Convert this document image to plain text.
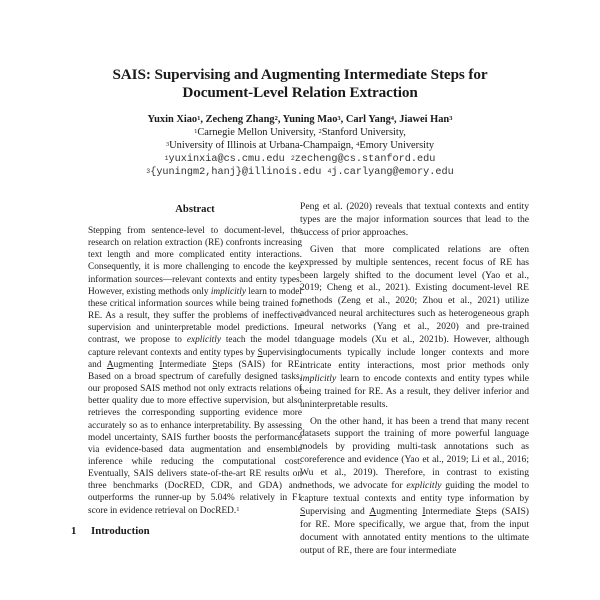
SAIS: Supervising and Augmenting Intermediate Steps for
Document-Level Relation Extraction
Yuxin Xiao$^1$, Zecheng Zhang$^2$, Yuning Mao$^3$, Carl Yang$^4$, Jiawei Han$^3$
$^1$Carnegie Mellon University, $^2$Stanford University,
$^3$University of Illinois at Urbana-Champaign, $^4$Emory University
$^1$yuxinxia@cs.cmu.edu $^2$zecheng@cs.stanford.edu
$^3${yuningm2,hanj}@illinois.edu $^4$j.carlyang@emory.edu
Abstract

Stepping from sentence-level to document-level, the research on relation extraction (RE) confronts increasing text length and more complicated entity interactions. Consequently, it is more challenging to encode the key information sources—relevant contexts and entity types. However, existing methods only implicitly learn to model these critical information sources while being trained for RE. As a result, they suffer the problems of ineffective supervision and uninterpretable model predictions. In contrast, we propose to explicitly teach the model to capture relevant contexts and entity types by Supervising and Augmenting Intermediate Steps (SAIS) for RE. Based on a broad spectrum of carefully designed tasks, our proposed SAIS method not only extracts relations of better quality due to more effective supervision, but also retrieves the corresponding supporting evidence more accurately so as to enhance interpretability. By assessing model uncertainty, SAIS further boosts the performance via evidence-based data augmentation and ensemble inference while reducing the computational cost. Eventually, SAIS delivers state-of-the-art RE results on three benchmarks (DocRED, CDR, and GDA) and outperforms the runner-up by 5.04% relatively in F1 score in evidence retrieval on DocRED.$^1$

1 Introduction

Peng et al. (2020) reveals that textual contexts and entity types are the major information sources that lead to the success of prior approaches.

Given that more complicated relations are often expressed by multiple sentences, recent focus of RE has been largely shifted to the document level (Yao et al., 2019; Cheng et al., 2021). Existing document-level RE methods (Zeng et al., 2020; Zhou et al., 2021) utilize advanced neural architectures such as heterogeneous graph neural networks (Yang et al., 2020) and pre-trained language models (Xu et al., 2021b). However, although documents typically include longer contexts and more intricate entity interactions, most prior methods only implicitly learn to encode contexts and entity types while being trained for RE. As a result, they deliver inferior and uninterpretable results.

On the other hand, it has been a trend that many recent datasets support the training of more powerful language models by providing multi-task annotations such as coreference and evidence (Yao et al., 2019; Li et al., 2016; Wu et al., 2019). Therefore, in contrast to existing methods, we advocate for explicitly guiding the model to capture textual contexts and entity type information by Supervising and Augmenting Intermediate Steps (SAIS) for RE. More specifically, we argue that, from the input document with annotated entity mentions to the ultimate output of RE, there are four intermediate
